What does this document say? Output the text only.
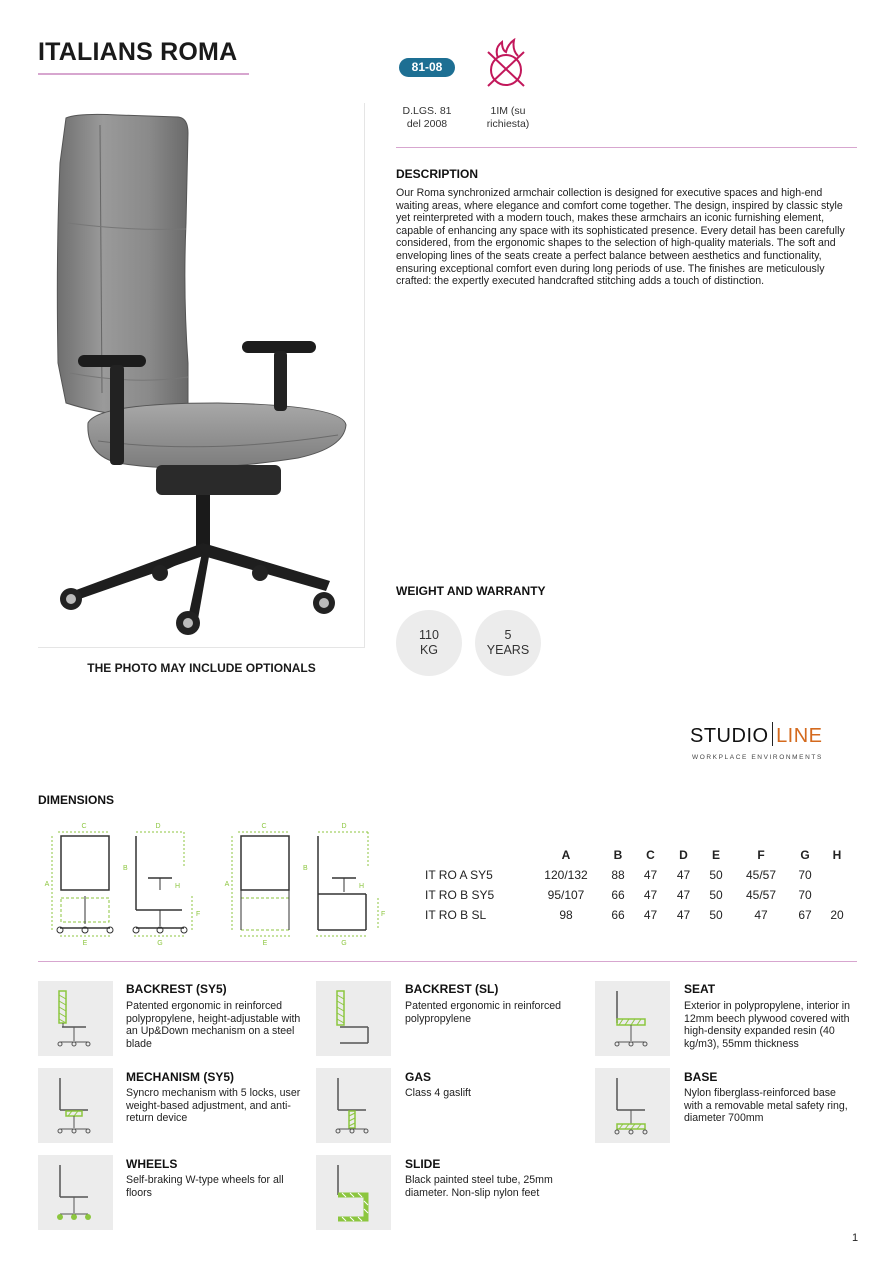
ITALIANS ROMA
THE PHOTO MAY INCLUDE OPTIONALS
81-08
D.LGS. 81 del 2008
1IM (su richiesta)
DESCRIPTION
Our Roma synchronized armchair collection is designed for executive spaces and high-end waiting areas, where elegance and comfort come together. The design, inspired by classic style yet reinterpreted with a modern touch, makes these armchairs an iconic furnishing element, capable of enhancing any space with its sophisticated presence. Every detail has been carefully considered, from the ergonomic shapes to the selection of high-quality materials. The soft and enveloping lines of the seats create a perfect balance between aesthetics and functionality, ensuring exceptional comfort even during long periods of use. The finishes are meticulously crafted: the expertly executed handcrafted stitching adds a touch of distinction.
WEIGHT AND WARRANTY
110
KG
5
YEARS
STUDIO LINE
WORKPLACE ENVIRONMENTS
DIMENSIONS
C
A
E
D
B
H
F
G
C
A
E
D
B
H
F
G
	A	B	C	D	E	F	G	H
IT RO A SY5	120/132	88	47	47	50	45/57	70	
IT RO B SY5	95/107	66	47	47	50	45/57	70	
IT RO B SL	98	66	47	47	50	47	67	20
BACKREST (SY5)
Patented ergonomic in reinforced polypropylene, height-adjustable with an Up&Down mechanism on a steel blade
BACKREST (SL)
Patented ergonomic in reinforced polypropylene
SEAT
Exterior in polypropylene, interior in 12mm beech plywood covered with high-density expanded resin (40 kg/m3), 55mm thickness
MECHANISM (SY5)
Syncro mechanism with 5 locks, user weight-based adjustment, and anti-return device
GAS
Class 4 gaslift
BASE
Nylon fiberglass-reinforced base with a removable metal safety ring, diameter 700mm
WHEELS
Self-braking W-type wheels for all floors
SLIDE
Black painted steel tube, 25mm diameter. Non-slip nylon feet
1
